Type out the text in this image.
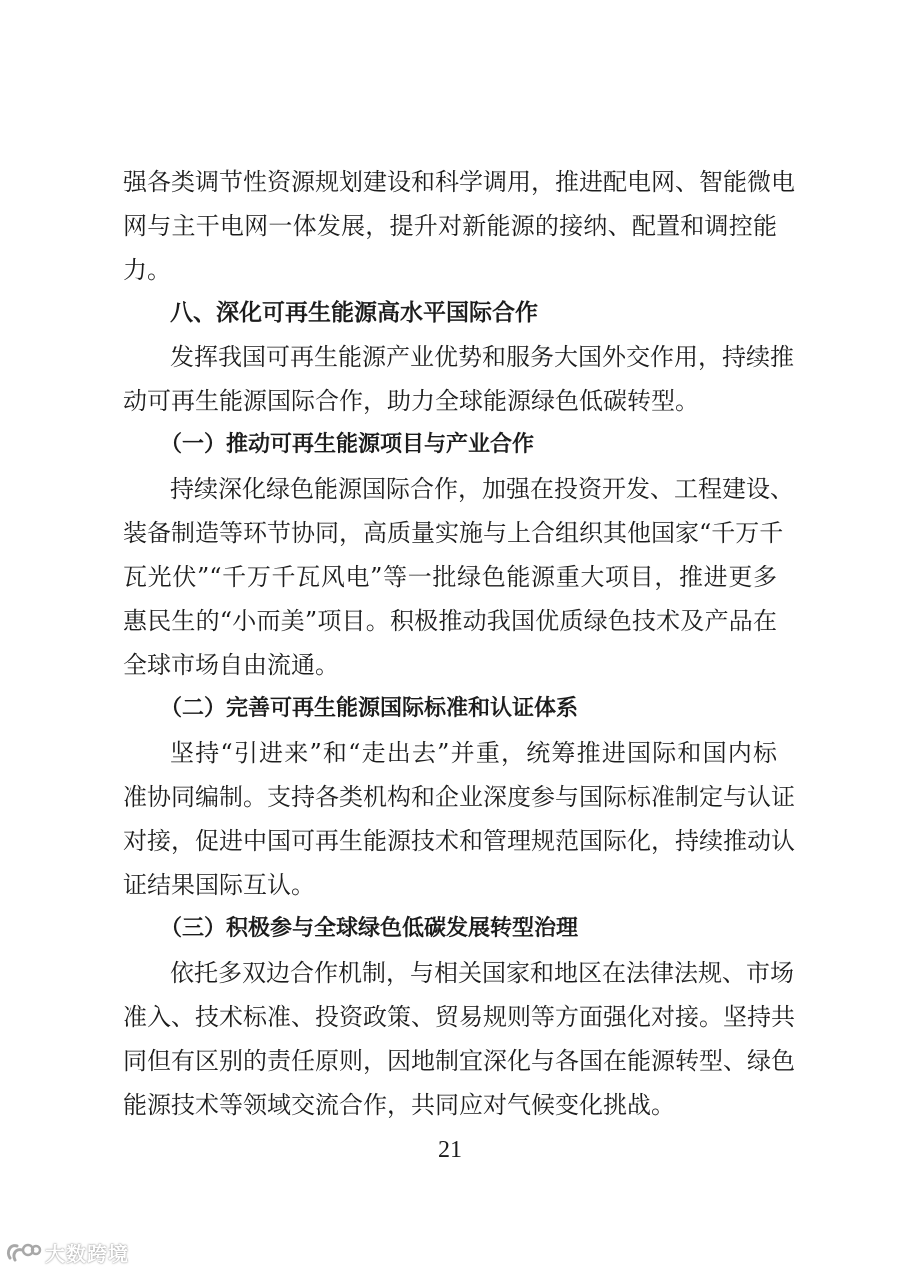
强各类调节性资源规划建设和科学调用，推进配电网、智能微电
网与主干电网一体发展，提升对新能源的接纳、配置和调控能
力。
八、深化可再生能源高水平国际合作
发挥我国可再生能源产业优势和服务大国外交作用，持续推
动可再生能源国际合作，助力全球能源绿色低碳转型。
（一）推动可再生能源项目与产业合作
持续深化绿色能源国际合作，加强在投资开发、工程建设、
装备制造等环节协同，高质量实施与上合组织其他国家“千万千
瓦光伏”“千万千瓦风电”等一批绿色能源重大项目，推进更多
惠民生的“小而美”项目。积极推动我国优质绿色技术及产品在
全球市场自由流通。
（二）完善可再生能源国际标准和认证体系
坚持“引进来”和“走出去”并重，统筹推进国际和国内标
准协同编制。支持各类机构和企业深度参与国际标准制定与认证
对接，促进中国可再生能源技术和管理规范国际化，持续推动认
证结果国际互认。
（三）积极参与全球绿色低碳发展转型治理
依托多双边合作机制，与相关国家和地区在法律法规、市场
准入、技术标准、投资政策、贸易规则等方面强化对接。坚持共
同但有区别的责任原则，因地制宜深化与各国在能源转型、绿色
能源技术等领域交流合作，共同应对气候变化挑战。
21
大数跨境
